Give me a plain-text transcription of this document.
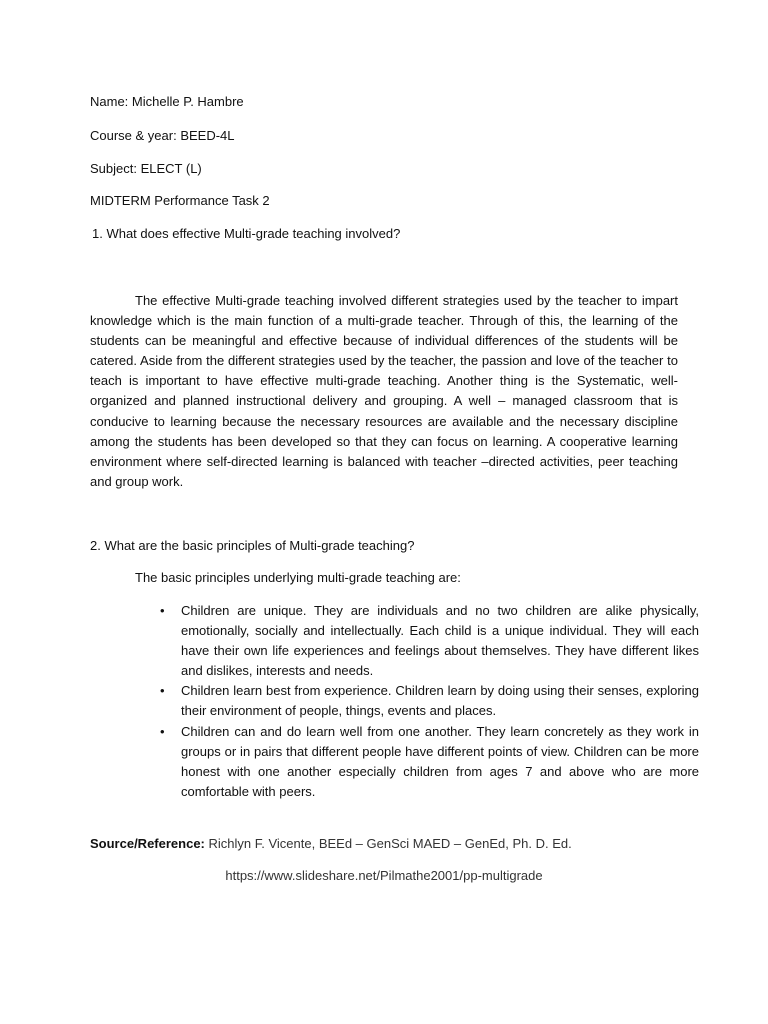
Name: Michelle P. Hambre
Course & year: BEED-4L
Subject: ELECT (L)
MIDTERM Performance Task 2
1. What does effective Multi-grade teaching involved?

The effective Multi-grade teaching involved different strategies used by the teacher to impart knowledge which is the main function of a multi-grade teacher. Through of this, the learning of the students can be meaningful and effective because of individual differences of the students will be catered. Aside from the different strategies used by the teacher, the passion and love of the teacher to teach is important to have effective multi-grade teaching. Another thing is the Systematic, well-organized and planned instructional delivery and grouping. A well – managed classroom that is conducive to learning because the necessary resources are available and the necessary discipline among the students has been developed so that they can focus on learning. A cooperative learning environment where self-directed learning is balanced with teacher –directed activities, peer teaching and group work.

2. What are the basic principles of Multi-grade teaching?
The basic principles underlying multi-grade teaching are:
• Children are unique. They are individuals and no two children are alike physically, emotionally, socially and intellectually. Each child is a unique individual. They will each have their own life experiences and feelings about themselves. They have different likes and dislikes, interests and needs.
• Children learn best from experience. Children learn by doing using their senses, exploring their environment of people, things, events and places.
• Children can and do learn well from one another. They learn concretely as they work in groups or in pairs that different people have different points of view. Children can be more honest with one another especially children from ages 7 and above who are more comfortable with peers.
Source/Reference: Richlyn F. Vicente, BEEd – GenSci MAED – GenEd, Ph. D. Ed.
https://www.slideshare.net/Pilmathe2001/pp-multigrade
